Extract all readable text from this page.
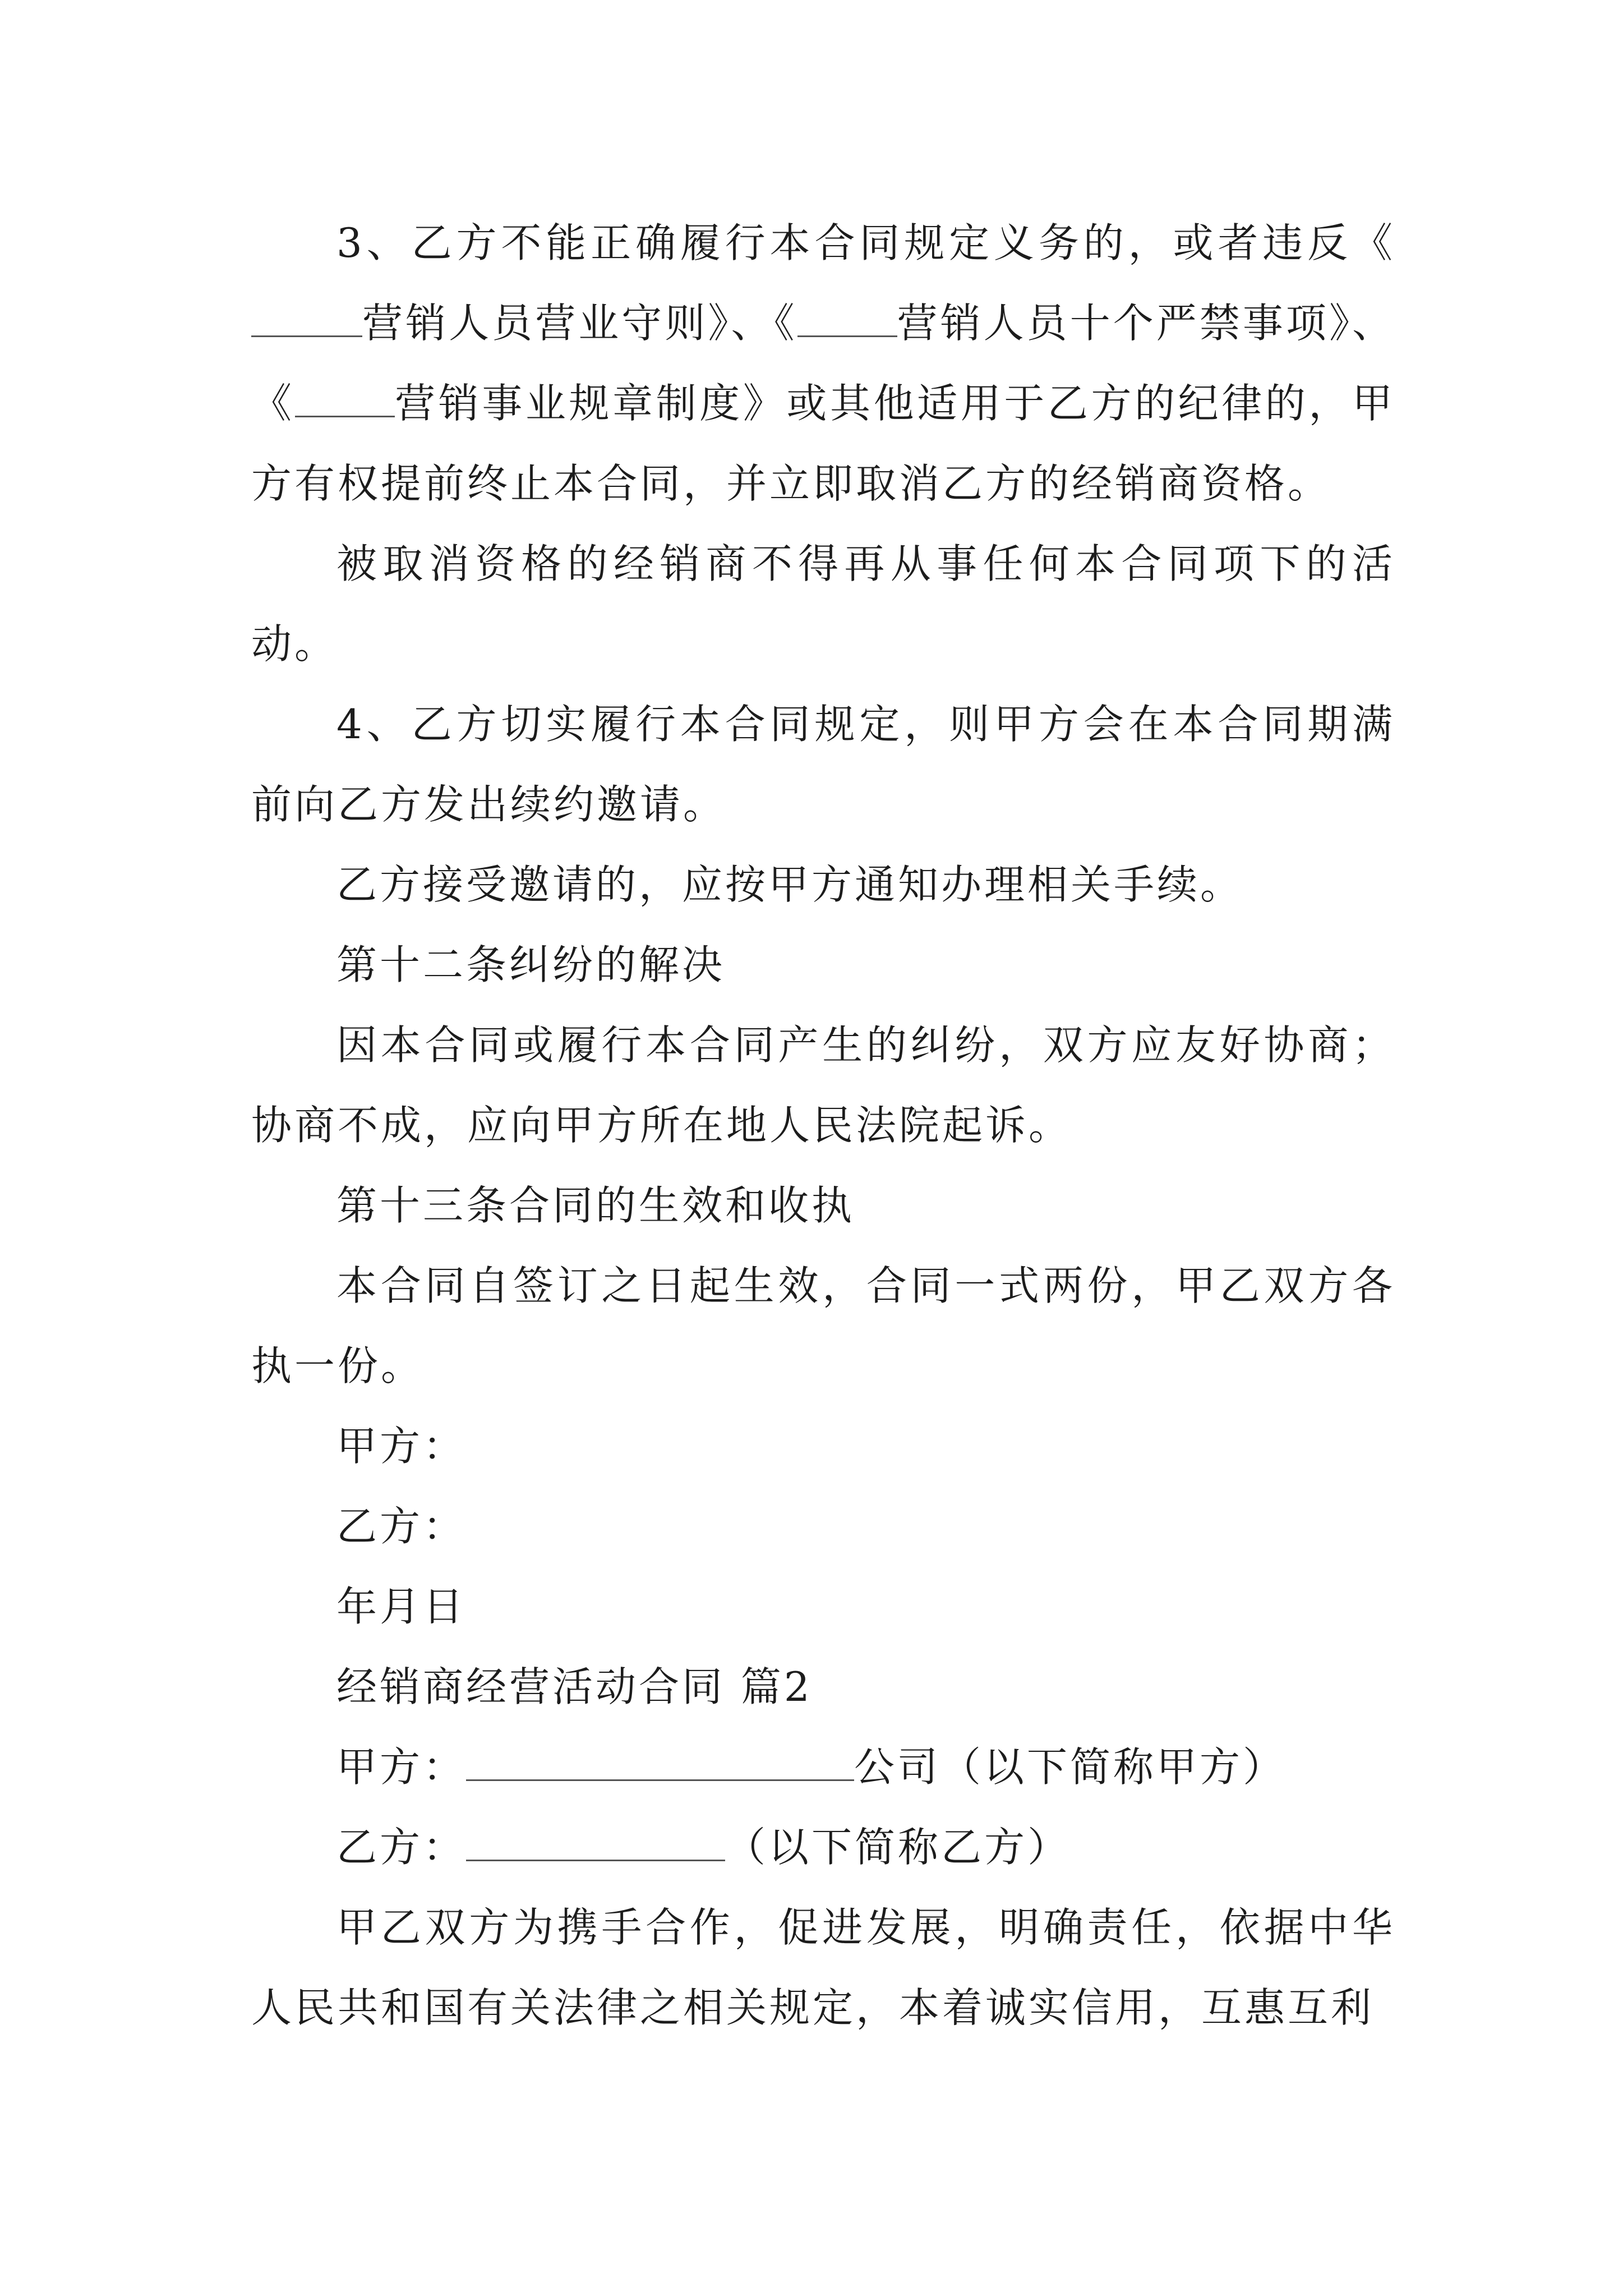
3、乙方不能正确履行本合同规定义务的，或者违反《营销人员营业守则》、《 营销人员十个严禁事项》、《 营销事业规章制度》或其他适用于乙方的纪律的，甲方有权提前终止本合同，并立即取消乙方的经销商资格。

被取消资格的经销商不得再从事任何本合同项下的活动。

4、乙方切实履行本合同规定，则甲方会在本合同期满前向乙方发出续约邀请。

乙方接受邀请的，应按甲方通知办理相关手续。

第十二条纠纷的解决

因本合同或履行本合同产生的纠纷，双方应友好协商；协商不成，应向甲方所在地人民法院起诉。

第十三条合同的生效和收执

本合同自签订之日起生效，合同一式两份，甲乙双方各执一份。

甲方：

乙方：

年月日

经销商经营活动合同 篇2

甲方：	公司（以下简称甲方）

乙方：	（以下简称乙方）

甲乙双方为携手合作，促进发展，明确责任，依据中华人民共和国有关法律之相关规定，本着诚实信用，互惠互利
